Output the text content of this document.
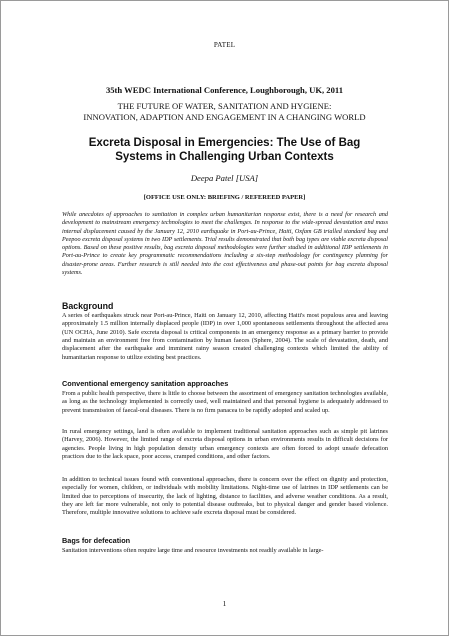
PATEL
35th WEDC International Conference, Loughborough, UK, 2011
THE FUTURE OF WATER, SANITATION AND HYGIENE:
INNOVATION, ADAPTION AND ENGAGEMENT IN A CHANGING WORLD
Excreta Disposal in Emergencies: The Use of Bag
Systems in Challenging Urban Contexts
Deepa Patel [USA]
[OFFICE USE ONLY: BRIEFING / REFEREED PAPER]

While anecdotes of approaches to sanitation in complex urban humanitarian response exist, there is a need for research and development to mainstream emergency technologies to meet the challenges. In response to the wide-spread devastation and mass internal displacement caused by the January 12, 2010 earthquake in Port-au-Prince, Haiti, Oxfam GB trialled standard bag and Peepoo excreta disposal systems in two IDP settlements. Trial results demonstrated that both bag types are viable excreta disposal options. Based on these positive results, bag excreta disposal methodologies were further studied in additional IDP settlements in Port-au-Prince to create key programmatic recommendations including a six-step methodology for contingency planning for disaster-prone areas. Further research is still needed into the cost effectiveness and phase-out points for bag excreta disposal systems.

Background

A series of earthquakes struck near Port-au-Prince, Haiti on January 12, 2010, affecting Haiti's most populous area and leaving approximately 1.5 million internally displaced people (IDP) in over 1,000 spontaneous settlements throughout the affected area (UN OCHA, June 2010). Safe excreta disposal is critical components in an emergency response as a primary barrier to provide and maintain an environment free from contamination by human faeces (Sphere, 2004). The scale of devastation, death, and displacement after the earthquake and imminent rainy season created challenging contexts which limited the ability of humanitarian response to utilize existing best practices.

Conventional emergency sanitation approaches

From a public health perspective, there is little to choose between the assortment of emergency sanitation technologies available, as long as the technology implemented is correctly used, well maintained and that personal hygiene is adequately addressed to prevent transmission of faecal-oral diseases. There is no firm panacea to be rapidly adopted and scaled up.

In rural emergency settings, land is often available to implement traditional sanitation approaches such as simple pit latrines (Harvey, 2006). However, the limited range of excreta disposal options in urban environments results in difficult decisions for agencies. People living in high population density urban emergency contexts are often forced to adopt unsafe defecation practices due to the lack space, poor access, cramped conditions, and other factors.

In addition to technical issues found with conventional approaches, there is concern over the effect on dignity and protection, especially for women, children, or individuals with mobility limitations. Night-time use of latrines in IDP settlements can be limited due to perceptions of insecurity, the lack of lighting, distance to facilities, and adverse weather conditions. As a result, they are left far more vulnerable, not only to potential disease outbreaks, but to physical danger and gender based violence. Therefore, multiple innovative solutions to achieve safe excreta disposal must be considered.

Bags for defecation

Sanitation interventions often require large time and resource investments not readily available in large-

1
